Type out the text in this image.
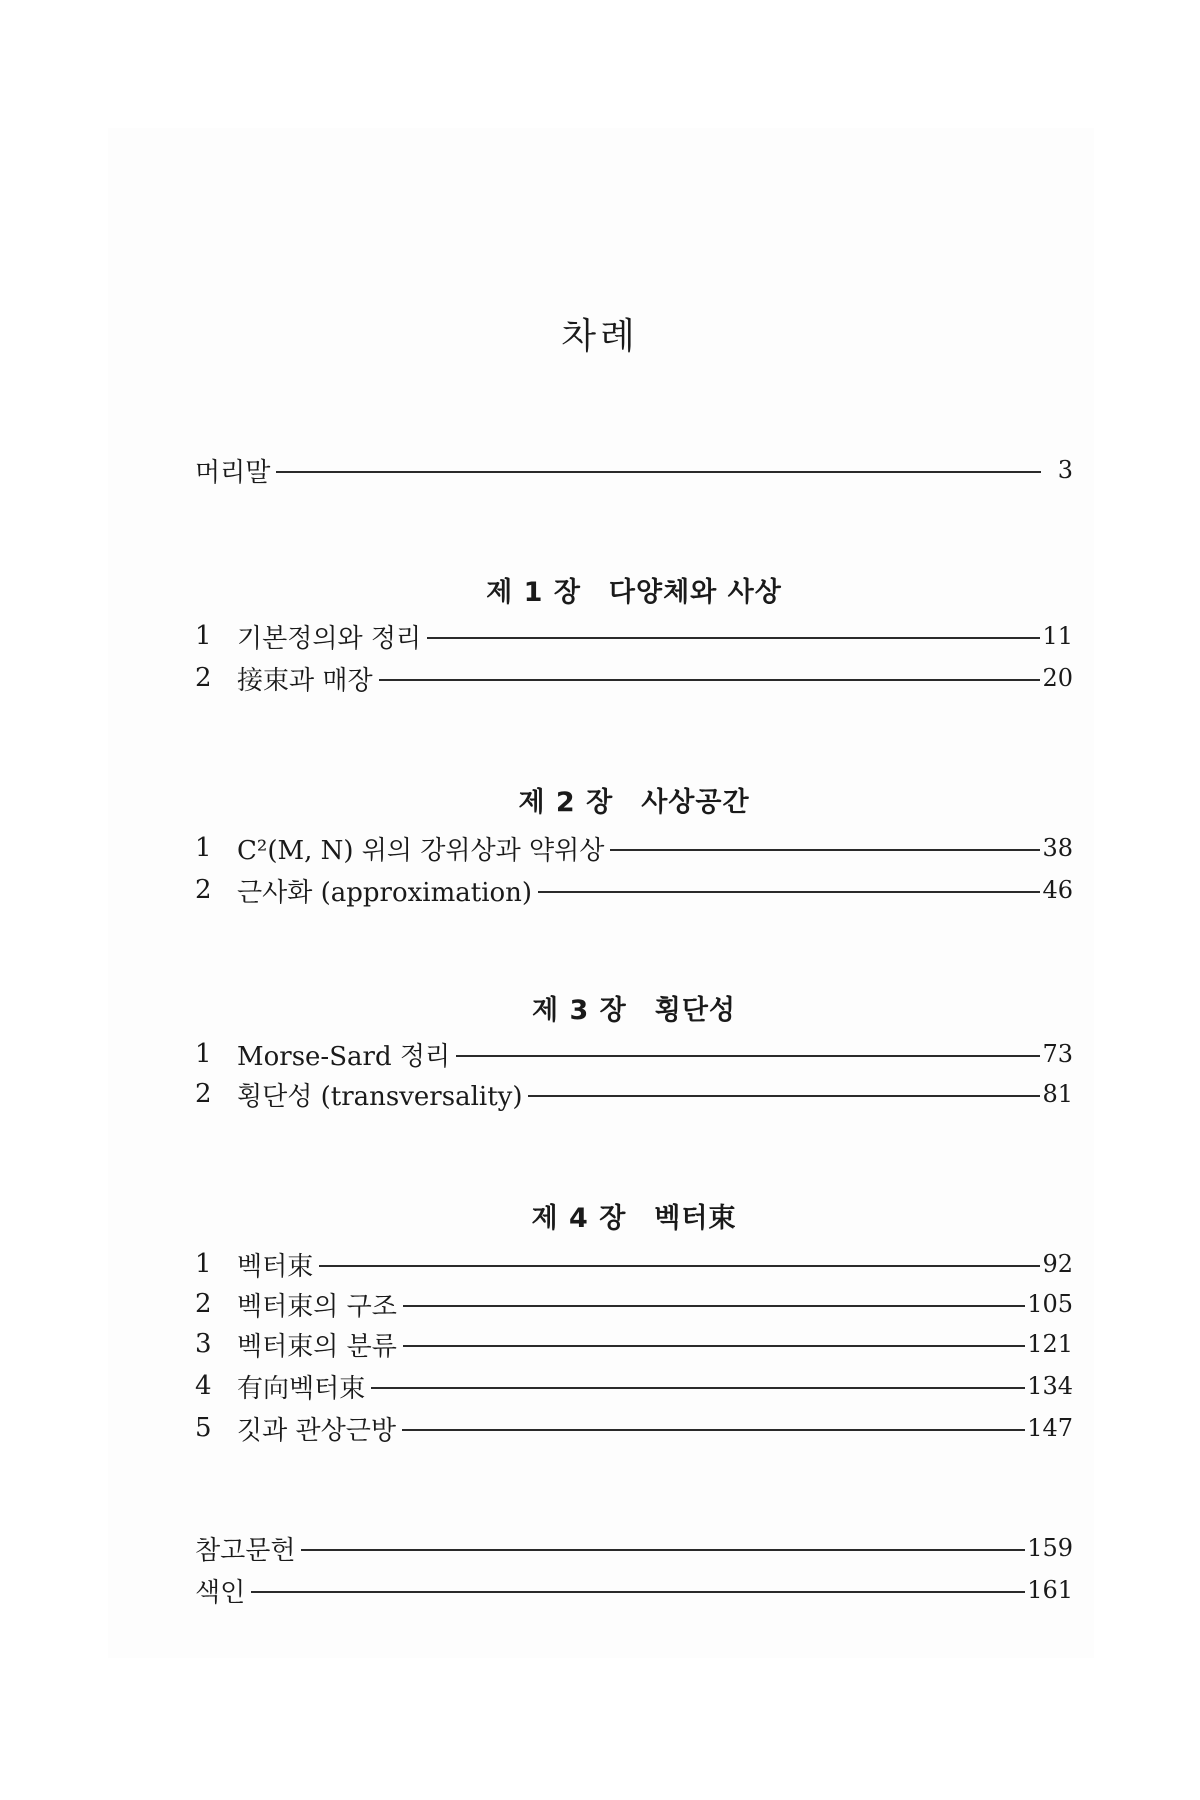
차례
머리말	3
제 1 장 다양체와 사상
1 기본정의와 정리	11
2 接束과 매장	20
제 2 장 사상공간
1 C²(M, N) 위의 강위상과 약위상	38
2 근사화 (approximation)	46
제 3 장 횡단성
1 Morse-Sard 정리	73
2 횡단성 (transversality)	81
제 4 장 벡터束
1 벡터束	92
2 벡터束의 구조	105
3 벡터束의 분류	121
4 有向벡터束	134
5 깃과 관상근방	147
참고문헌	159
색인	161
